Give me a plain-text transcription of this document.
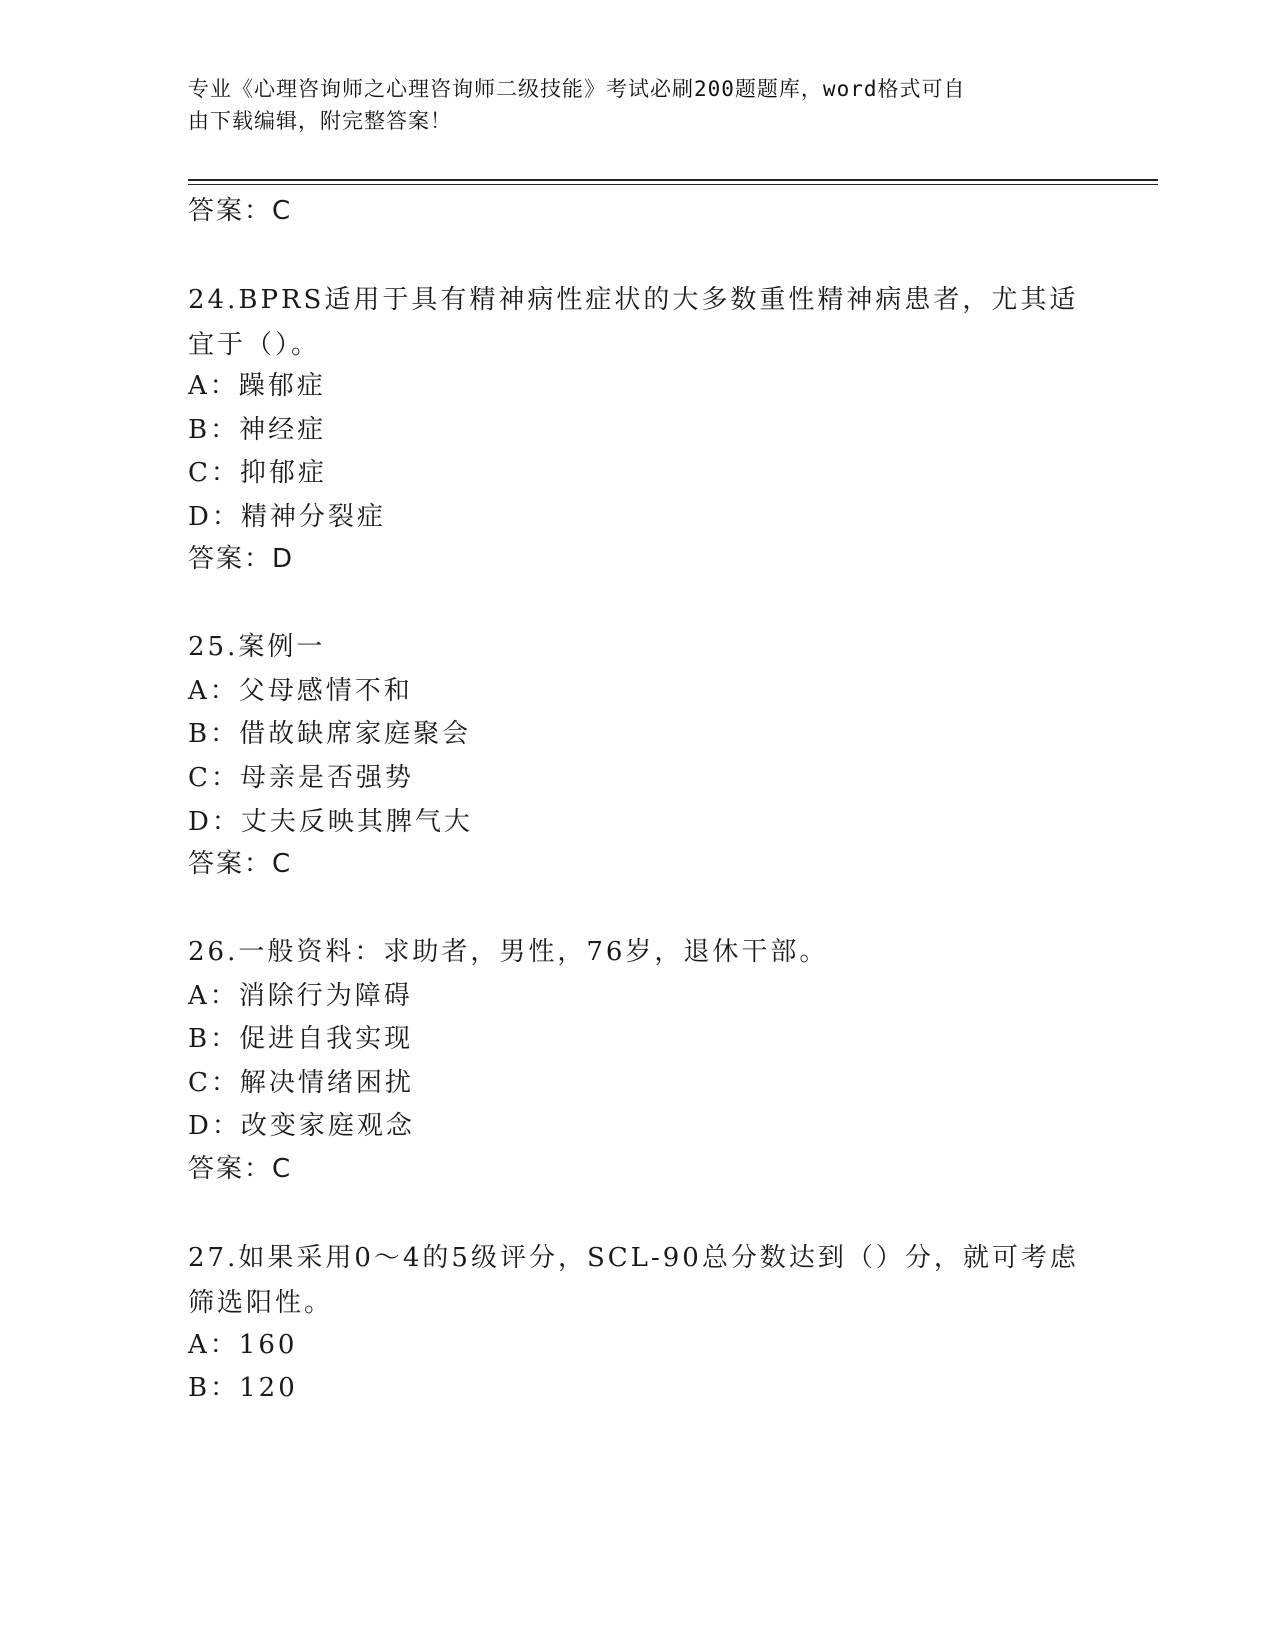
专业《心理咨询师之心理咨询师二级技能》考试必刷200题题库，word格式可自
由下载编辑，附完整答案！
答案：C
24.BPRS适用于具有精神病性症状的大多数重性精神病患者，尤其适宜于（）。
A：躁郁症
B：神经症
C：抑郁症
D：精神分裂症
答案：D
25.案例一
A：父母感情不和
B：借故缺席家庭聚会
C：母亲是否强势
D：丈夫反映其脾气大
答案：C
26.一般资料：求助者，男性，76岁，退休干部。
A：消除行为障碍
B：促进自我实现
C：解决情绪困扰
D：改变家庭观念
答案：C
27.如果采用0～4的5级评分，SCL-90总分数达到（）分，就可考虑筛选阳性。
A：160
B：120
